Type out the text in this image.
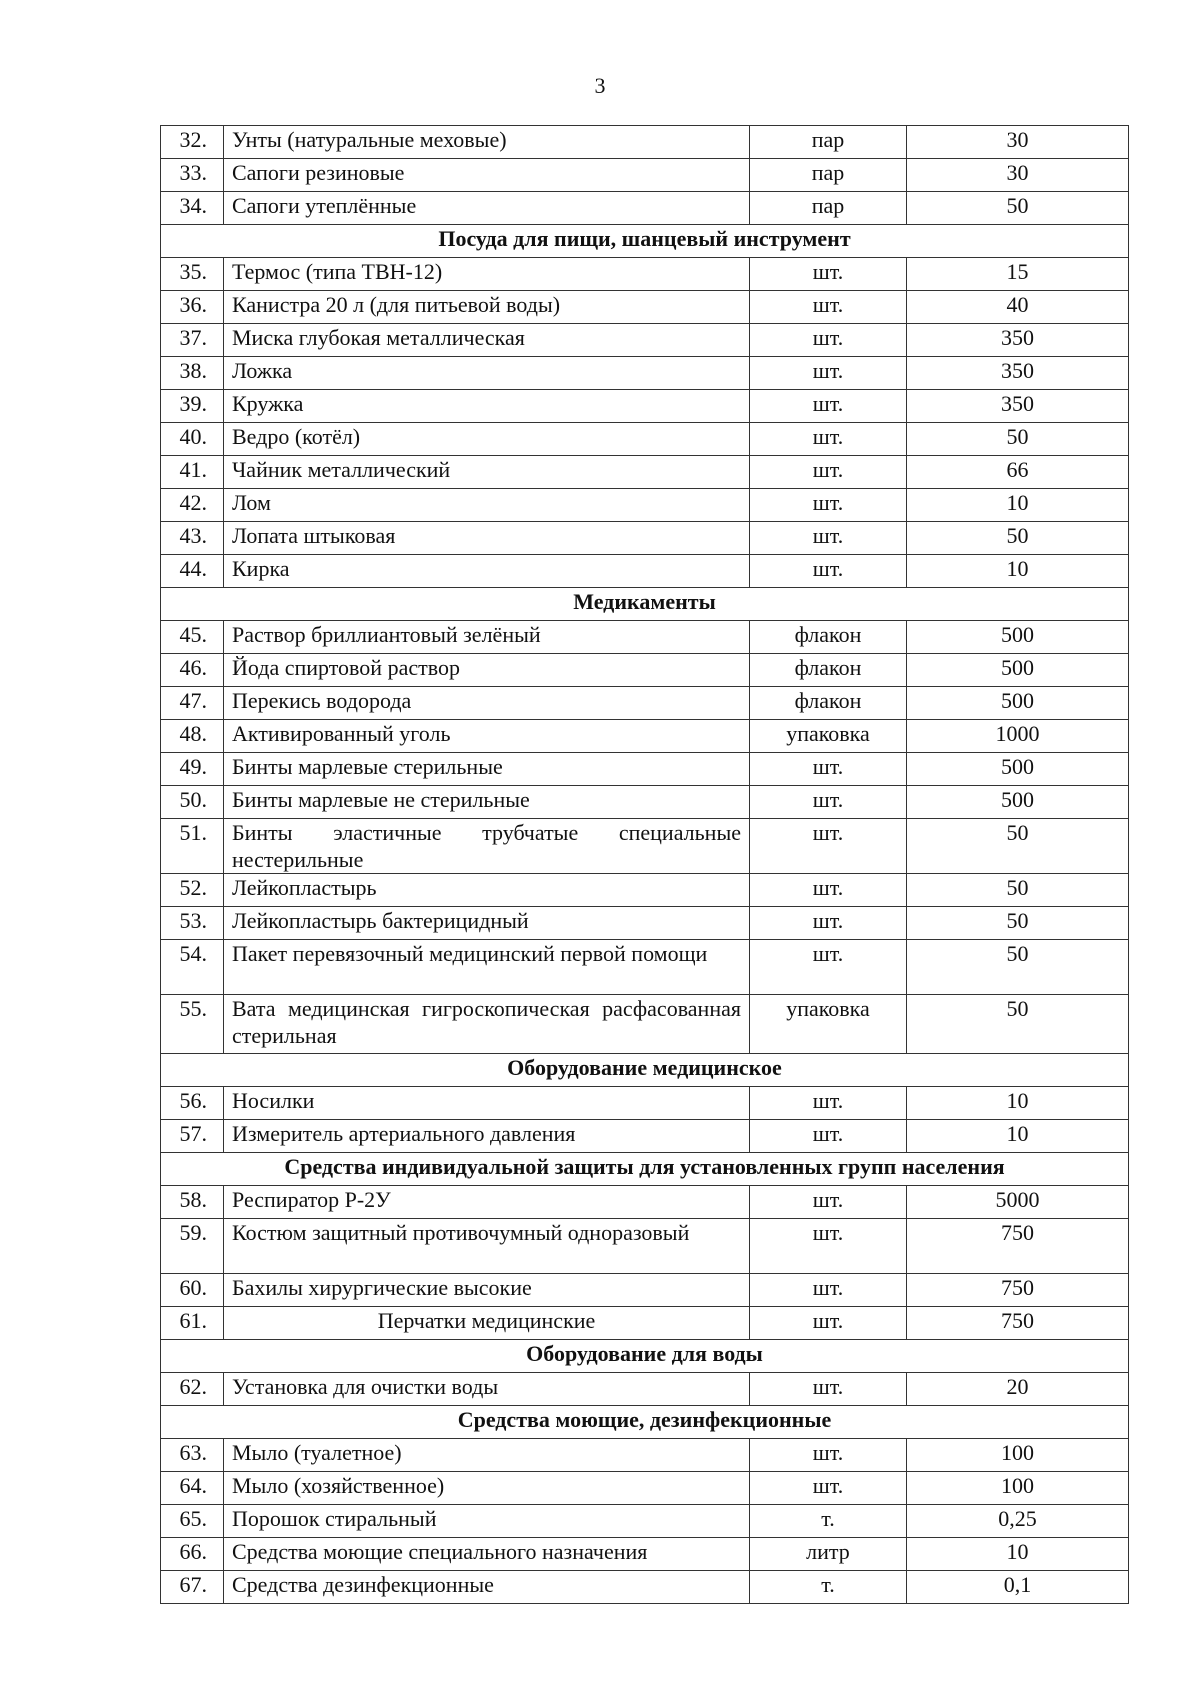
3
32.	Унты (натуральные меховые)	пар	30
33.	Сапоги резиновые	пар	30
34.	Сапоги утеплённые	пар	50
Посуда для пищи, шанцевый инструмент			
35.	Термос (типа ТВН-12)	шт.	15
36.	Канистра 20 л (для питьевой воды)	шт.	40
37.	Миска глубокая металлическая	шт.	350
38.	Ложка	шт.	350
39.	Кружка	шт.	350
40.	Ведро (котёл)	шт.	50
41.	Чайник металлический	шт.	66
42.	Лом	шт.	10
43.	Лопата штыковая	шт.	50
44.	Кирка	шт.	10
Медикаменты			
45.	Раствор бриллиантовый зелёный	флакон	500
46.	Йода спиртовой раствор	флакон	500
47.	Перекись водорода	флакон	500
48.	Активированный уголь	упаковка	1000
49.	Бинты марлевые стерильные	шт.	500
50.	Бинты марлевые не стерильные	шт.	500
51.	Бинты эластичные трубчатые специальные нестерильные	шт.	50
52.	Лейкопластырь	шт.	50
53.	Лейкопластырь бактерицидный	шт.	50
54.	Пакет перевязочный медицинский первой помощи	шт.	50
55.	Вата медицинская гигроскопическая расфасованная стерильная	упаковка	50
Оборудование медицинское			
56.	Носилки	шт.	10
57.	Измеритель артериального давления	шт.	10
Средства индивидуальной защиты для установленных групп населения			
58.	Респиратор Р-2У	шт.	5000
59.	Костюм защитный противочумный одноразовый	шт.	750
60.	Бахилы хирургические высокие	шт.	750
61.	Перчатки медицинские	шт.	750
Оборудование для воды			
62.	Установка для очистки воды	шт.	20
Средства моющие, дезинфекционные			
63.	Мыло (туалетное)	шт.	100
64.	Мыло (хозяйственное)	шт.	100
65.	Порошок стиральный	т.	0,25
66.	Средства моющие специального назначения	литр	10
67.	Средства дезинфекционные	т.	0,1
